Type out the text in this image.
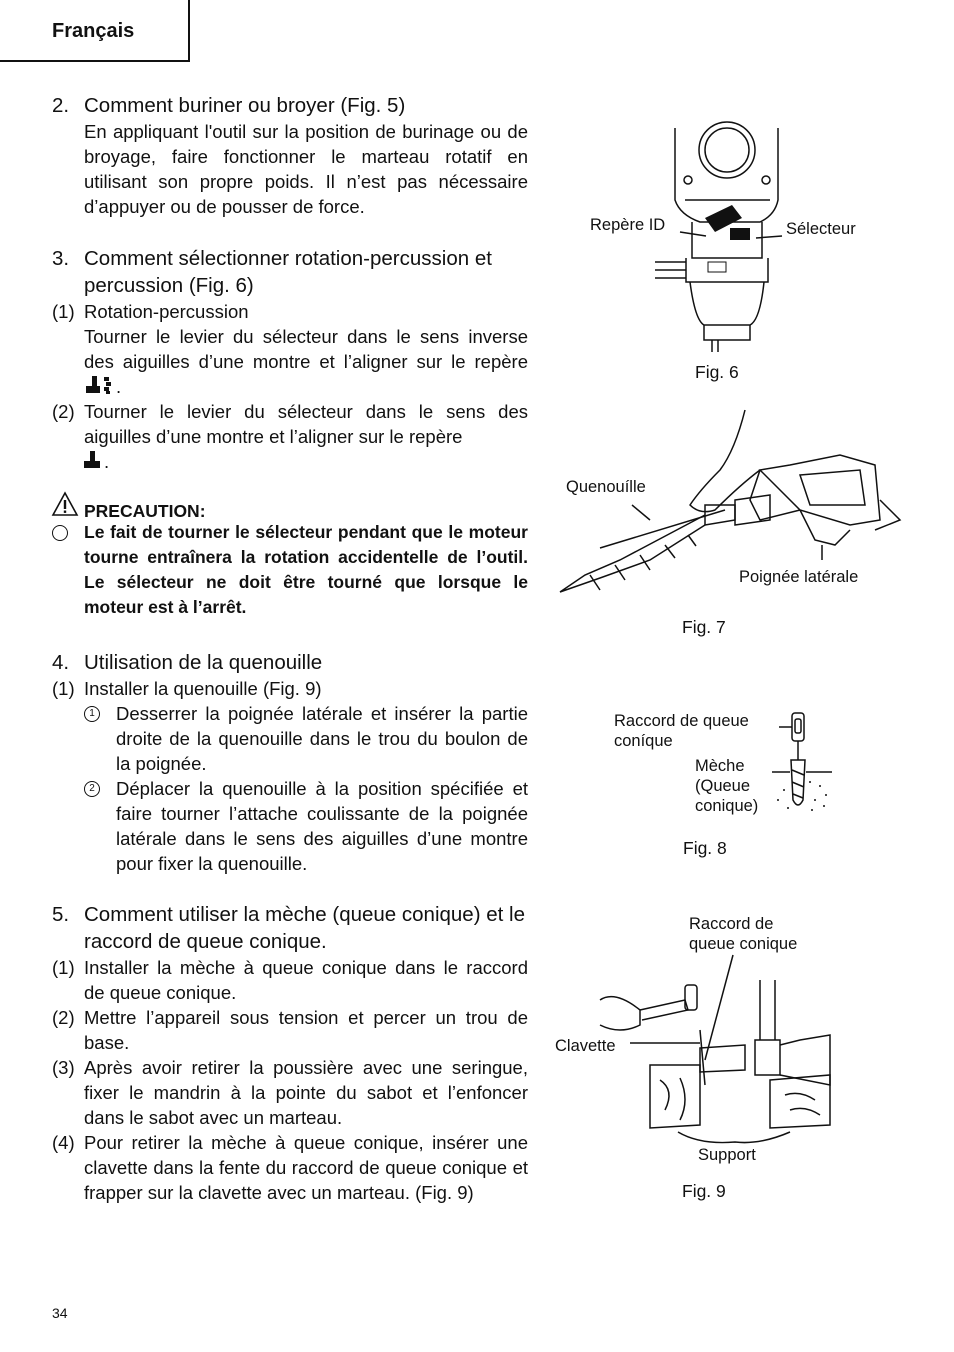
Français
2. Comment buriner ou broyer (Fig. 5)
En appliquant l'outil sur la position de burinage ou de broyage, faire fonctionner le marteau rotatif en utilisant son propre poids. Il n’est pas nécessaire d’appuyer ou de pousser de force.
3. Comment sélectionner rotation-percussion et percussion (Fig. 6)
(1) Rotation-percussion
Tourner le levier du sélecteur dans le sens inverse des aiguilles d’une montre et l’aligner sur le repère .
(2) Tourner le levier du sélecteur dans le sens des aiguilles d’une montre et l’aligner sur le repère
.
PRECAUTION:
Le fait de tourner le sélecteur pendant que le moteur tourne entraînera la rotation accidentelle de l’outil. Le sélecteur ne doit être tourné que lorsque le moteur est à l’arrêt.
4. Utilisation de la quenouille
(1) Installer la quenouille (Fig. 9)
1 Desserrer la poignée latérale et insérer la partie droite de la quenouille dans le trou du boulon de la poignée.
2 Déplacer la quenouille à la position spécifiée et faire tourner l’attache coulissante de la poignée latérale dans le sens des aiguilles d’une montre pour fixer la quenouille.
5. Comment utiliser la mèche (queue conique) et le raccord de queue conique.
(1) Installer la mèche à queue conique dans le raccord de queue conique.
(2) Mettre l’appareil sous tension et percer un trou de base.
(3) Après avoir retirer la poussière avec une seringue, fixer le mandrin à la pointe du sabot et l’enfoncer dans le sabot avec un marteau.
(4) Pour retirer la mèche à queue conique, insérer une clavette dans la fente du raccord de queue conique et frapper sur la clavette avec un marteau. (Fig. 9)
Repère ID	Sélecteur
Fig. 6
Quenouílle
Poignée latérale
Fig. 7
Raccord de queue
coníque
Mèche
(Queue
conique)
Fig. 8
Raccord de
queue conique
Clavette
Support
Fig. 9
34
